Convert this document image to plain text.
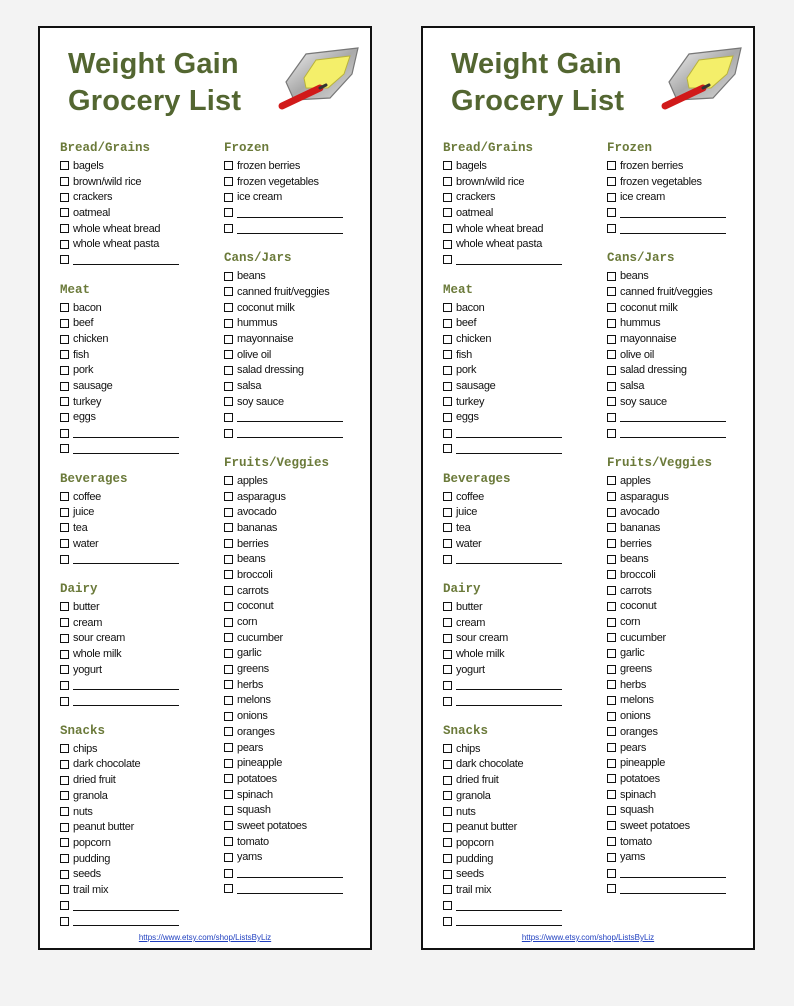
Weight Gain
Grocery List
Bread/Grains
bagels
brown/wild rice
crackers
oatmeal
whole wheat bread
whole wheat pasta
Meat
bacon
beef
chicken
fish
pork
sausage
turkey
eggs
Beverages
coffee
juice
tea
water
Dairy
butter
cream
sour cream
whole milk
yogurt
Snacks
chips
dark chocolate
dried fruit
granola
nuts
peanut butter
popcorn
pudding
seeds
trail mix
Frozen
frozen berries
frozen vegetables
ice cream
Cans/Jars
beans
canned fruit/veggies
coconut milk
hummus
mayonnaise
olive oil
salad dressing
salsa
soy sauce
Fruits/Veggies
apples
asparagus
avocado
bananas
berries
beans
broccoli
carrots
coconut
corn
cucumber
garlic
greens
herbs
melons
onions
oranges
pears
pineapple
potatoes
spinach
squash
sweet potatoes
tomato
yams
https://www.etsy.com/shop/ListsByLiz
Weight Gain
Grocery List
Bread/Grains
bagels
brown/wild rice
crackers
oatmeal
whole wheat bread
whole wheat pasta
Meat
bacon
beef
chicken
fish
pork
sausage
turkey
eggs
Beverages
coffee
juice
tea
water
Dairy
butter
cream
sour cream
whole milk
yogurt
Snacks
chips
dark chocolate
dried fruit
granola
nuts
peanut butter
popcorn
pudding
seeds
trail mix
Frozen
frozen berries
frozen vegetables
ice cream
Cans/Jars
beans
canned fruit/veggies
coconut milk
hummus
mayonnaise
olive oil
salad dressing
salsa
soy sauce
Fruits/Veggies
apples
asparagus
avocado
bananas
berries
beans
broccoli
carrots
coconut
corn
cucumber
garlic
greens
herbs
melons
onions
oranges
pears
pineapple
potatoes
spinach
squash
sweet potatoes
tomato
yams
https://www.etsy.com/shop/ListsByLiz
